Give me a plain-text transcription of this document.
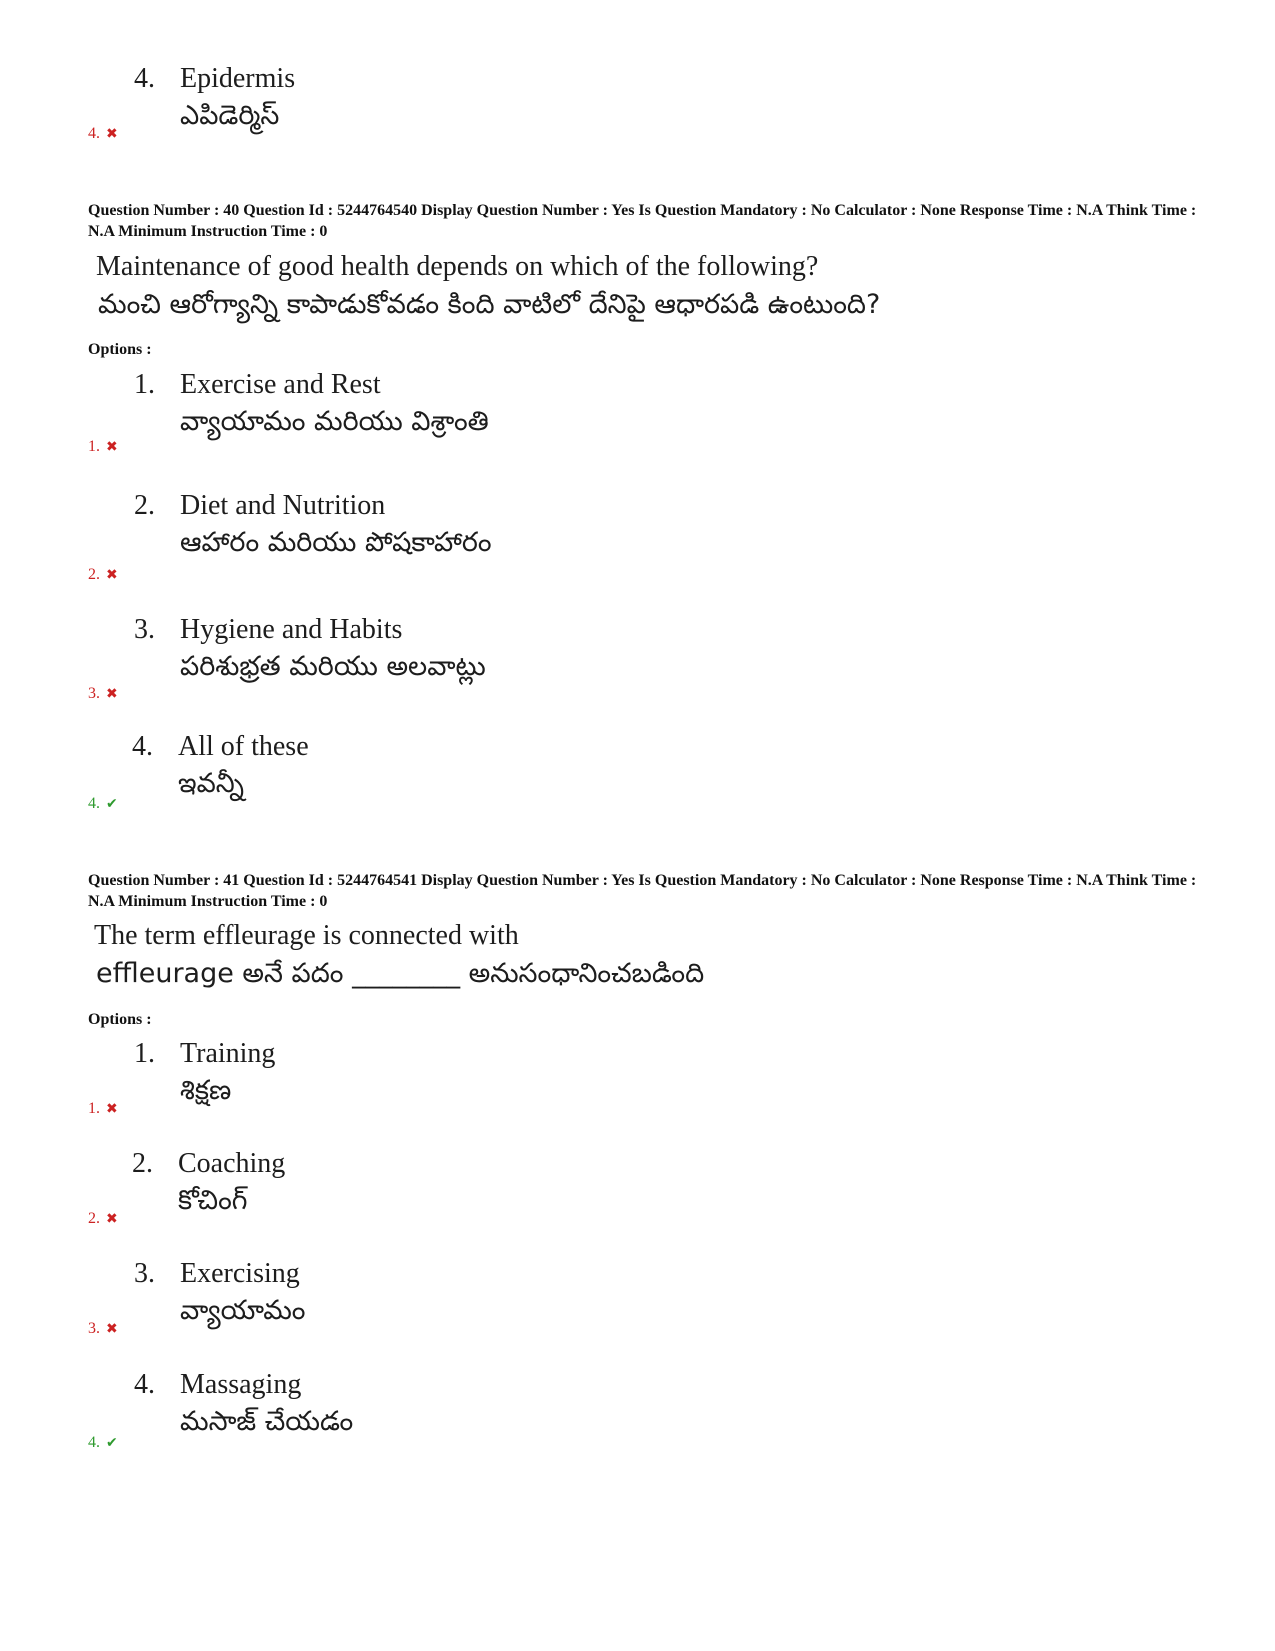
4. Epidermis
ఎపిడెర్మిస్
4. ✖
Question Number : 40 Question Id : 5244764540 Display Question Number : Yes Is Question Mandatory : No Calculator : None Response Time : N.A Think Time : N.A Minimum Instruction Time : 0
Maintenance of good health depends on which of the following?
మంచి ఆరోగ్యాన్ని కాపాడుకోవడం కింది వాటిలో దేనిపై ఆధారపడి ఉంటుంది?
Options :
1. Exercise and Rest
వ్యాయామం మరియు విశ్రాంతి
1. ✖
2. Diet and Nutrition
ఆహారం మరియు పోషకాహారం
2. ✖
3. Hygiene and Habits
పరిశుభ్రత మరియు అలవాట్లు
3. ✖
4. All of these
ఇవన్నీ
4. ✔
Question Number : 41 Question Id : 5244764541 Display Question Number : Yes Is Question Mandatory : No Calculator : None Response Time : N.A Think Time : N.A Minimum Instruction Time : 0
The term effleurage is connected with
effleurage అనే పదం ________ అనుసంధానించబడింది
Options :
1. Training
శిక్షణ
1. ✖
2. Coaching
కోచింగ్
2. ✖
3. Exercising
వ్యాయామం
3. ✖
4. Massaging
మసాజ్ చేయడం
4. ✔
